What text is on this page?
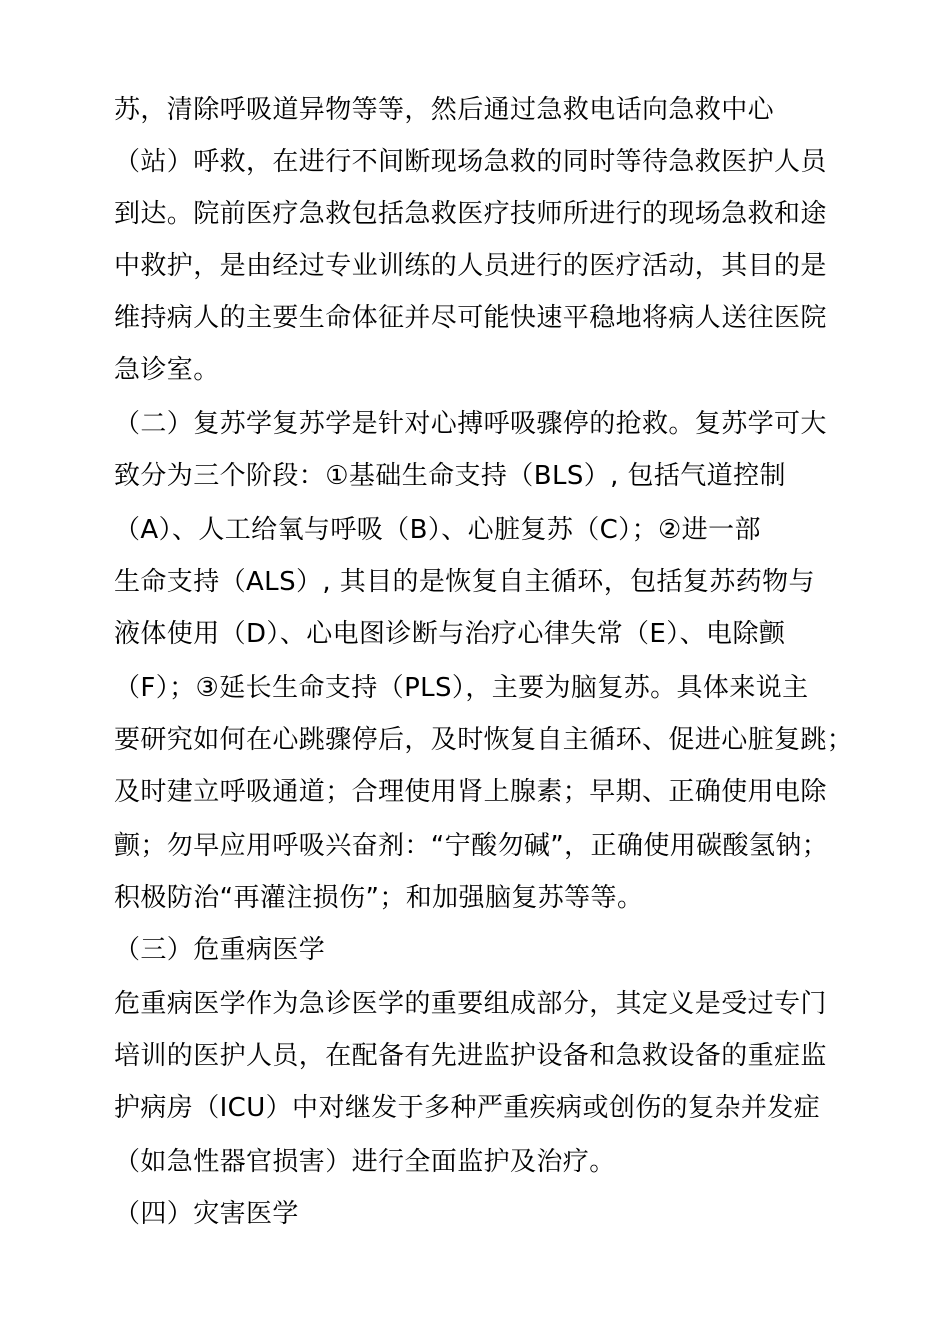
苏，清除呼吸道异物等等，然后通过急救电话向急救中心
（站）呼救，在进行不间断现场急救的同时等待急救医护人员
到达。院前医疗急救包括急救医疗技师所进行的现场急救和途
中救护，是由经过专业训练的人员进行的医疗活动，其目的是
维持病人的主要生命体征并尽可能快速平稳地将病人送往医院
急诊室。
（二）复苏学复苏学是针对心搏呼吸骤停的抢救。复苏学可大
致分为三个阶段：①基础生命支持（BLS）, 包括气道控制
（A）、人工给氧与呼吸（B）、心脏复苏（C）；②进一部
生命支持（ALS）, 其目的是恢复自主循环，包括复苏药物与
液体使用（D）、心电图诊断与治疗心律失常（E）、电除颤
（F）；③延长生命支持（PLS），主要为脑复苏。具体来说主
要研究如何在心跳骤停后，及时恢复自主循环、促进心脏复跳；
及时建立呼吸通道；合理使用肾上腺素；早期、正确使用电除
颤；勿早应用呼吸兴奋剂：“宁酸勿碱”，正确使用碳酸氢钠；
积极防治“再灌注损伤”；和加强脑复苏等等。
（三）危重病医学
危重病医学作为急诊医学的重要组成部分，其定义是受过专门
培训的医护人员，在配备有先进监护设备和急救设备的重症监
护病房（ICU）中对继发于多种严重疾病或创伤的复杂并发症
（如急性器官损害）进行全面监护及治疗。
（四）灾害医学
